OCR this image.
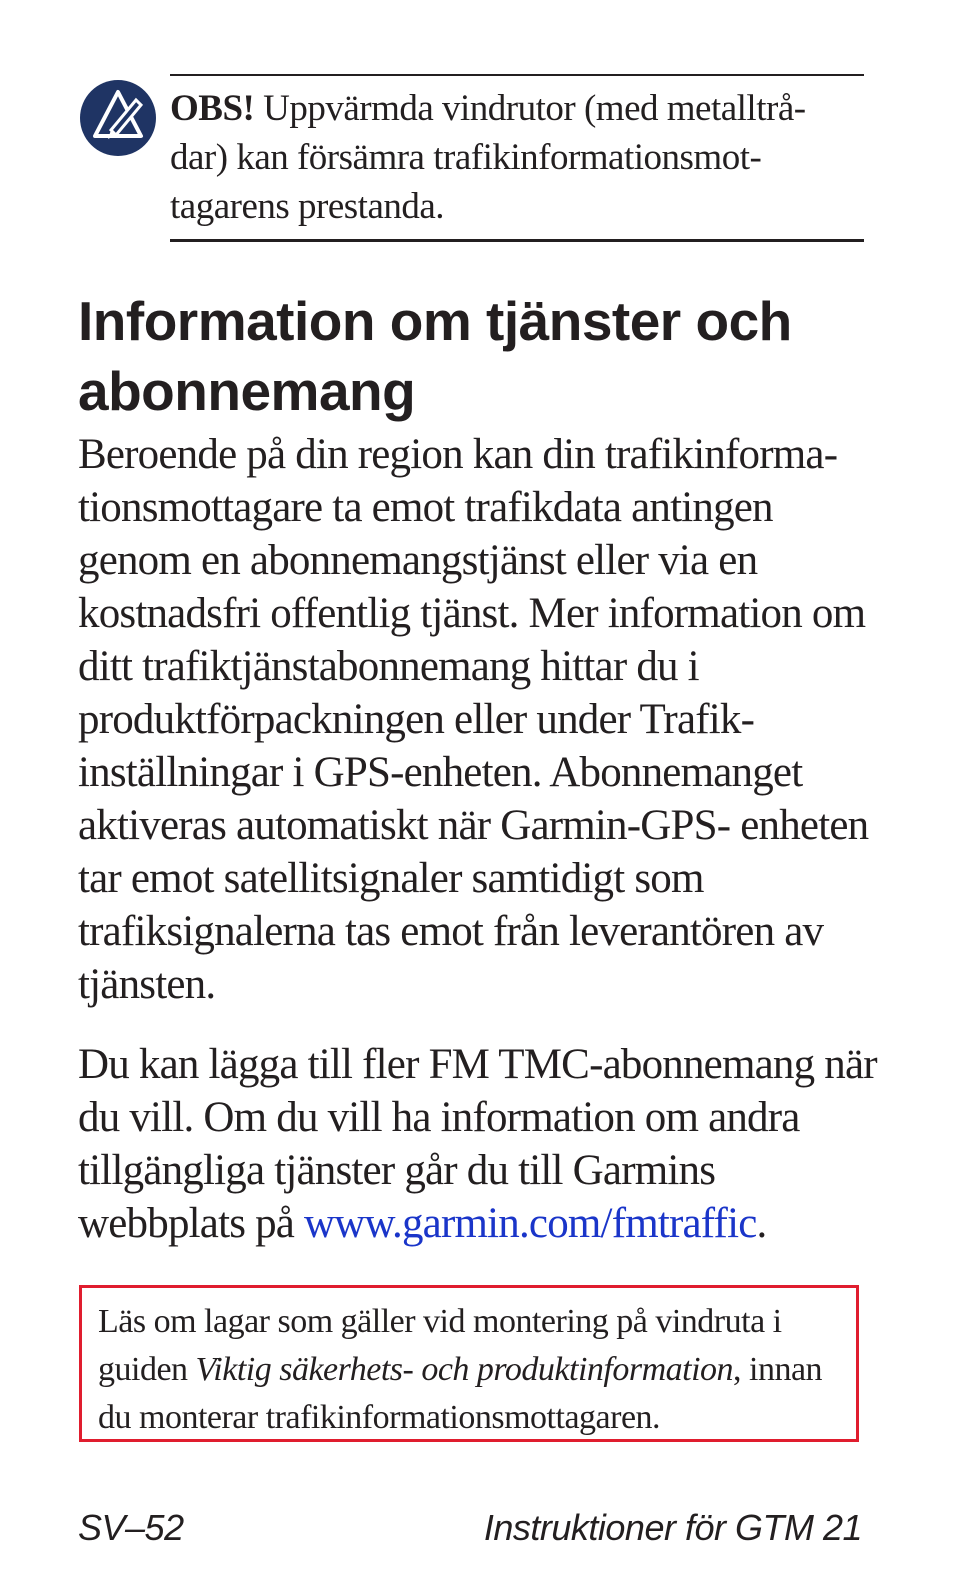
OBS! Uppvärmda vindrutor (med metalltrå- dar) kan försämra trafikinformationsmot- tagarens prestanda.
Information om tjänster och abonnemang

Beroende på din region kan din trafikinforma- tionsmottagare ta emot trafikdata antingen genom en abonnemangstjänst eller via en kostnadsfri offentlig tjänst. Mer information om ditt trafiktjänstabonnemang hittar du i produktförpackningen eller under Trafik- inställningar i GPS-enheten. Abonnemanget aktiveras automatiskt när Garmin-GPS- enheten tar emot satellitsignaler samtidigt som trafiksignalerna tas emot från leverantören av tjänsten.

Du kan lägga till fler FM TMC-abonnemang när du vill. Om du vill ha information om andra tillgängliga tjänster går du till Garmins webbplats på www.garmin.com/fmtraffic.

Läs om lagar som gäller vid montering på vindruta i guiden Viktig säkerhets- och produktinformation, innan du monterar trafikinformationsmottagaren.
SV–52	Instruktioner för GTM 21
